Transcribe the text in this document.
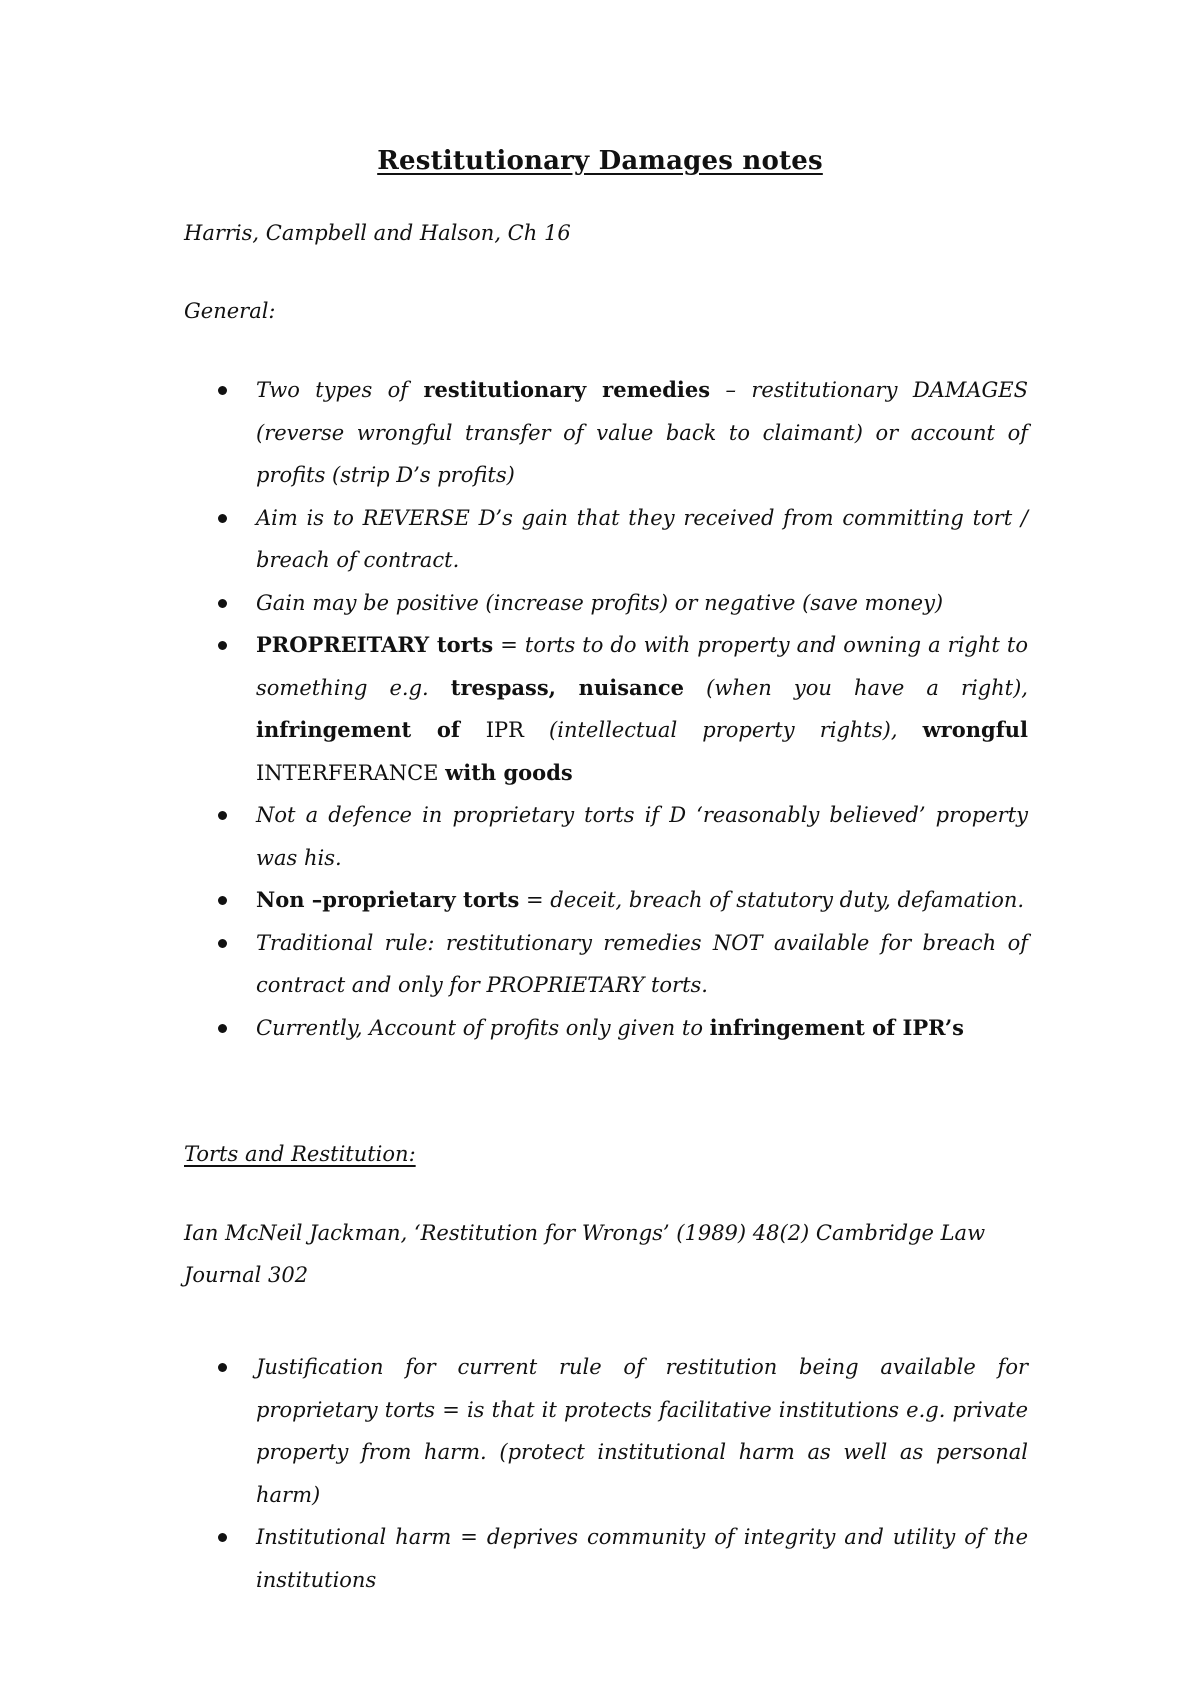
Restitutionary Damages notes

Harris, Campbell and Halson, Ch 16

General:

Two types of restitutionary remedies – restitutionary DAMAGES (reverse wrongful transfer of value back to claimant) or account of profits (strip D’s profits)
Aim is to REVERSE D’s gain that they received from committing tort / breach of contract.
Gain may be positive (increase profits) or negative (save money)
PROPREITARY torts = torts to do with property and owning a right to something e.g. trespass, nuisance (when you have a right), infringement of IPR (intellectual property rights), wrongful INTERFERANCE with goods
Not a defence in proprietary torts if D ‘reasonably believed’ property was his.
Non –proprietary torts = deceit, breach of statutory duty, defamation.
Traditional rule: restitutionary remedies NOT available for breach of contract and only for PROPRIETARY torts.
Currently, Account of profits only given to infringement of IPR’s

Torts and Restitution:

Ian McNeil Jackman, ‘Restitution for Wrongs’ (1989) 48(2) Cambridge Law Journal 302

Justification for current rule of restitution being available for proprietary torts = is that it protects facilitative institutions e.g. private property from harm. (protect institutional harm as well as personal harm)
Institutional harm = deprives community of integrity and utility of the institutions
